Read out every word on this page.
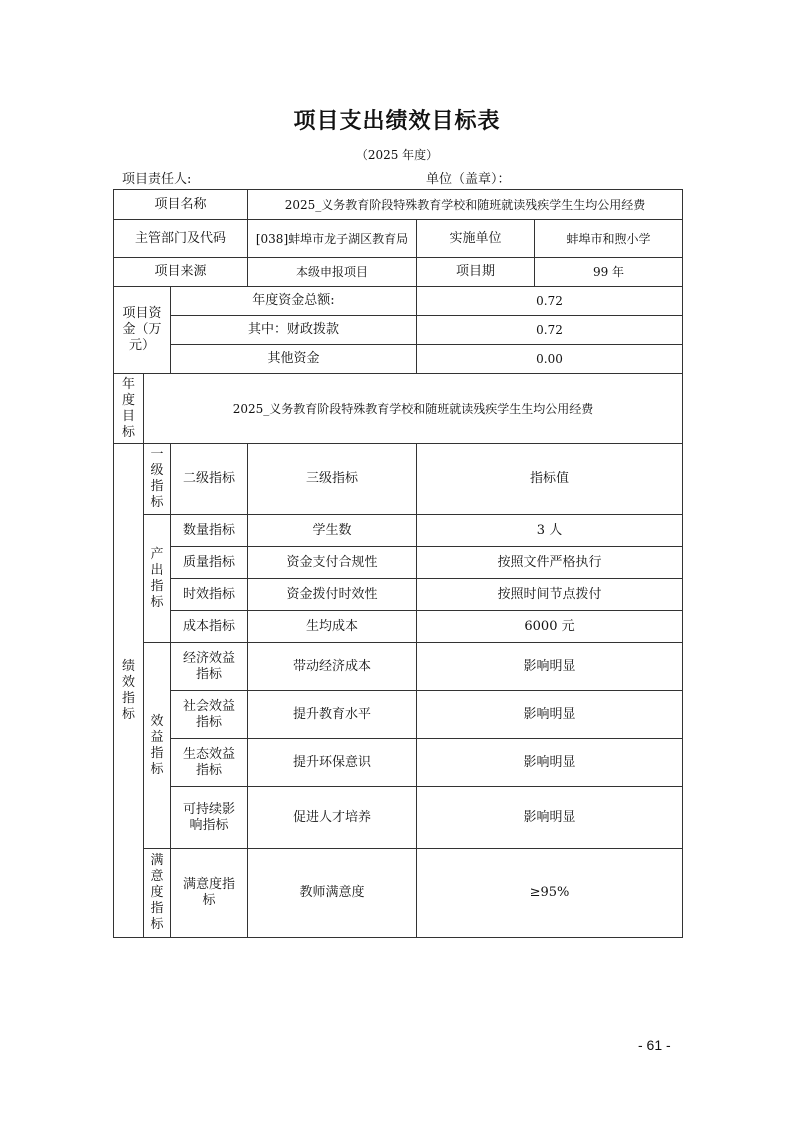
项目支出绩效目标表
（2025 年度）
项目责任人:	单位（盖章）：
项目名称			2025_义务教育阶段特殊教育学校和随班就读残疾学生生均公用经费		
主管部门及代码			[038]蚌埠市龙子湖区教育局	实施单位	蚌埠市和煦小学
项目来源			本级申报项目	项目期	99 年

项目资金（万元）		年度资金总额:		0.72	
		其中：财政拨款		0.72	
		其他资金		0.00	
年度目标	2025_义务教育阶段特殊教育学校和随班就读残疾学生生均公用经费				
绩效指标	一级指标	二级指标	三级指标	指标值	
	产出指标	数量指标	学生数	3 人	
		质量指标	资金支付合规性	按照文件严格执行	
		时效指标	资金拨付时效性	按照时间节点拨付	
		成本指标	生均成本	6000 元	
	效益指标	经济效益指标	带动经济成本	影响明显	

		社会效益指标	提升教育水平	影响明显	

		生态效益指标	提升环保意识	影响明显	

		可持续影响指标	促进人才培养	影响明显	
	满意度指标	满意度指标	教师满意度	≥95%	
- 61 -
